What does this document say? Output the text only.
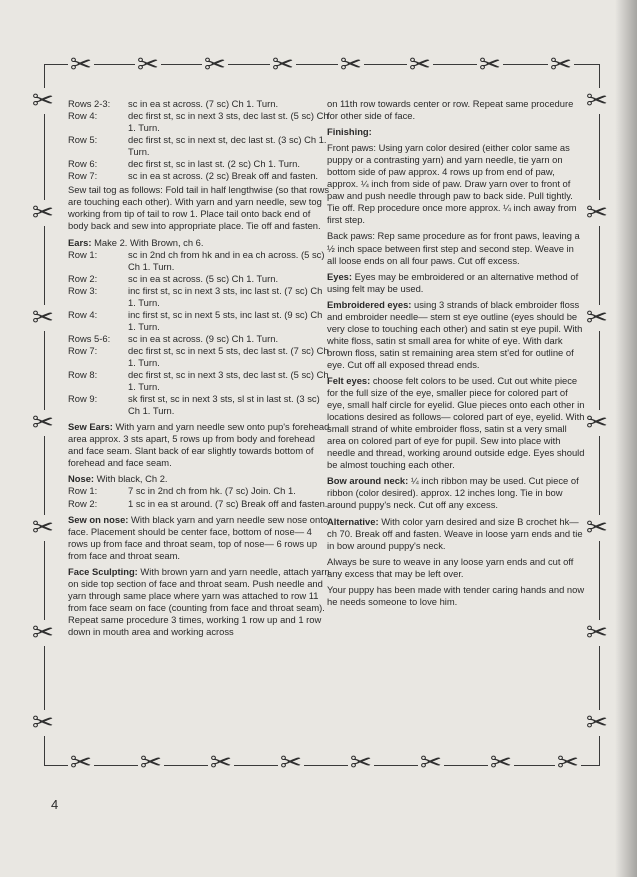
✂ ✂ ✂ ✂ ✂ ✂ ✂ ✂
✂ ✂ ✂ ✂ ✂ ✂ ✂ ✂
✂
✂
✂
✂
✂
✂
✂
✂
✂
✂
✂
✂
✂
✂
Rows 2-3:	sc in ea st across. (7 sc) Ch 1. Turn.
Row 4:	dec first st, sc in next 3 sts, dec last st. (5 sc) Ch 1. Turn.
Row 5:	dec first st, sc in next st, dec last st. (3 sc) Ch 1. Turn.
Row 6:	dec first st, sc in last st. (2 sc) Ch 1. Turn.
Row 7:	sc in ea st across. (2 sc) Break off and fasten.

Sew tail tog as follows: Fold tail in half lengthwise (so that rows are touching each other). With yarn and yarn needle, sew tog working from tip of tail to row 1. Place tail onto back end of body back and sew into appropriate place. Tie off and fasten.

Ears: Make 2. With Brown, ch 6.
Row 1:	sc in 2nd ch from hk and in ea ch across. (5 sc) Ch 1. Turn.
Row 2:	sc in ea st across. (5 sc) Ch 1. Turn.
Row 3:	inc first st, sc in next 3 sts, inc last st. (7 sc) Ch 1. Turn.
Row 4:	inc first st, sc in next 5 sts, inc last st. (9 sc) Ch 1. Turn.
Rows 5-6:	sc in ea st across. (9 sc) Ch 1. Turn.
Row 7:	dec first st, sc in next 5 sts, dec last st. (7 sc) Ch 1. Turn.
Row 8:	dec first st, sc in next 3 sts, dec last st. (5 sc) Ch 1. Turn.
Row 9:	sk first st, sc in next 3 sts, sl st in last st. (3 sc) Ch 1. Turn.

Sew Ears: With yarn and yarn needle sew onto pup's forehead area approx. 3 sts apart, 5 rows up from body and forehead and face seam. Slant back of ear slightly towards bottom of forehead and face seam.

Nose: With black, Ch 2.
Row 1:	7 sc in 2nd ch from hk. (7 sc) Join. Ch 1.
Row 2:	1 sc in ea st around. (7 sc) Break off and fasten.

Sew on nose: With black yarn and yarn needle sew nose onto face. Placement should be center face, bottom of nose— 4 rows up from face and throat seam, top of nose— 6 rows up from face and throat seam.

Face Sculpting: With brown yarn and yarn needle, attach yarn on side top section of face and throat seam. Push needle and yarn through same place where yarn was attached to row 11 from face seam on face (counting from face and throat seam). Repeat same procedure 3 times, working 1 row up and 1 row down in mouth area and working across

on 11th row towards center or row. Repeat same procedure for other side of face.

Finishing:

Front paws: Using yarn color desired (either color same as puppy or a contrasting yarn) and yarn needle, tie yarn on bottom side of paw approx. 4 rows up from end of paw, approx. ¼ inch from side of paw. Draw yarn over to front of paw and push needle through paw to back side. Pull tightly. Tie off. Rep procedure once more approx. ¼ inch away from first step.

Back paws: Rep same procedure as for front paws, leaving a ½ inch space between first step and second step. Weave in all loose ends on all four paws. Cut off excess.

Eyes: Eyes may be embroidered or an alternative method of using felt may be used.

Embroidered eyes: using 3 strands of black embroider floss and embroider needle— stem st eye outline (eyes should be very close to touching each other) and satin st eye pupil. With white floss, satin st small area for white of eye. With dark brown floss, satin st remaining area stem st'ed for outline of eye. Cut off all exposed thread ends.

Felt eyes: choose felt colors to be used. Cut out white piece for the full size of the eye, smaller piece for colored part of eye, small half circle for eyelid. Glue pieces onto each other in locations desired as follows— colored part of eye, eyelid. With small strand of white embroider floss, satin st a very small area on colored part of eye for pupil. Sew into place with needle and thread, working around outside edge. Eyes should be almost touching each other.

Bow around neck: ¼ inch ribbon may be used. Cut piece of ribbon (color desired). approx. 12 inches long. Tie in bow around puppy's neck. Cut off any excess.

Alternative: With color yarn desired and size B crochet hk— ch 70. Break off and fasten. Weave in loose yarn ends and tie in bow around puppy's neck.

Always be sure to weave in any loose yarn ends and cut off any excess that may be left over.

Your puppy has been made with tender caring hands and now he needs someone to love him.

4
